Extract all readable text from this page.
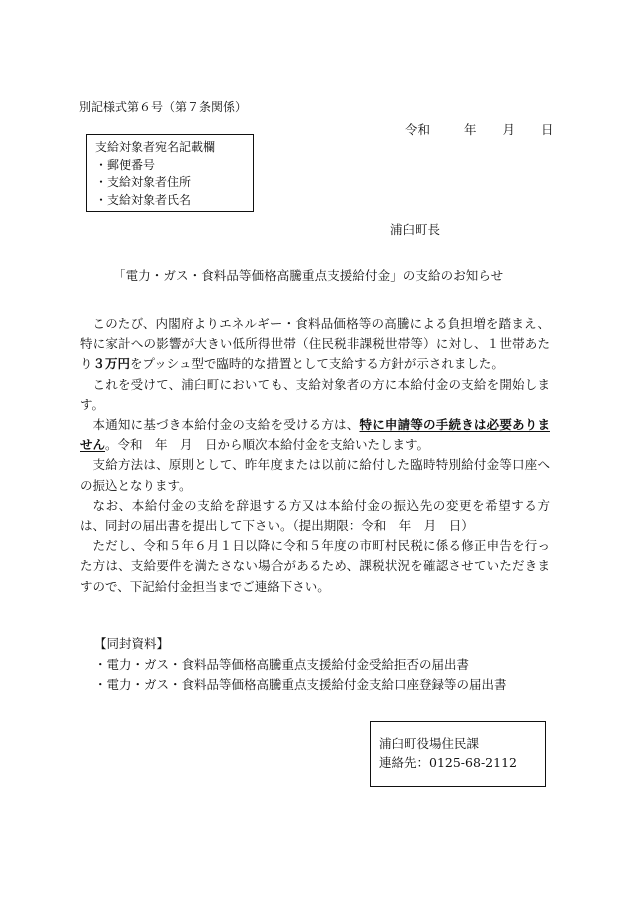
別記様式第６号（第７条関係）
令和	年 月 日
支給対象者宛名記載欄
・郵便番号
・支給対象者住所
・支給対象者氏名
浦臼町長
「電力・ガス・食料品等価格高騰重点支援給付金」の支給のお知らせ

このたび、内閣府よりエネルギー・食料品価格等の高騰による負担増を踏まえ、特に家計への影響が大きい低所得世帯（住民税非課税世帯等）に対し、１世帯あたり３万円をプッシュ型で臨時的な措置として支給する方針が示されました。

これを受けて、浦臼町においても、支給対象者の方に本給付金の支給を開始します。

本通知に基づき本給付金の支給を受ける方は、特に申請等の手続きは必要ありません。令和　年　月　日から順次本給付金を支給いたします。

支給方法は、原則として、昨年度または以前に給付した臨時特別給付金等口座への振込となります。

なお、本給付金の支給を辞退する方又は本給付金の振込先の変更を希望する方は、同封の届出書を提出して下さい。（提出期限：令和　年　月　日）

ただし、令和５年６月１日以降に令和５年度の市町村民税に係る修正申告を行った方は、支給要件を満たさない場合があるため、課税状況を確認させていただきますので、下記給付金担当までご連絡下さい。

【同封資料】
・電力・ガス・食料品等価格高騰重点支援給付金受給拒否の届出書
・電力・ガス・食料品等価格高騰重点支援給付金支給口座登録等の届出書
浦臼町役場住民課
連絡先：0125-68-2112
